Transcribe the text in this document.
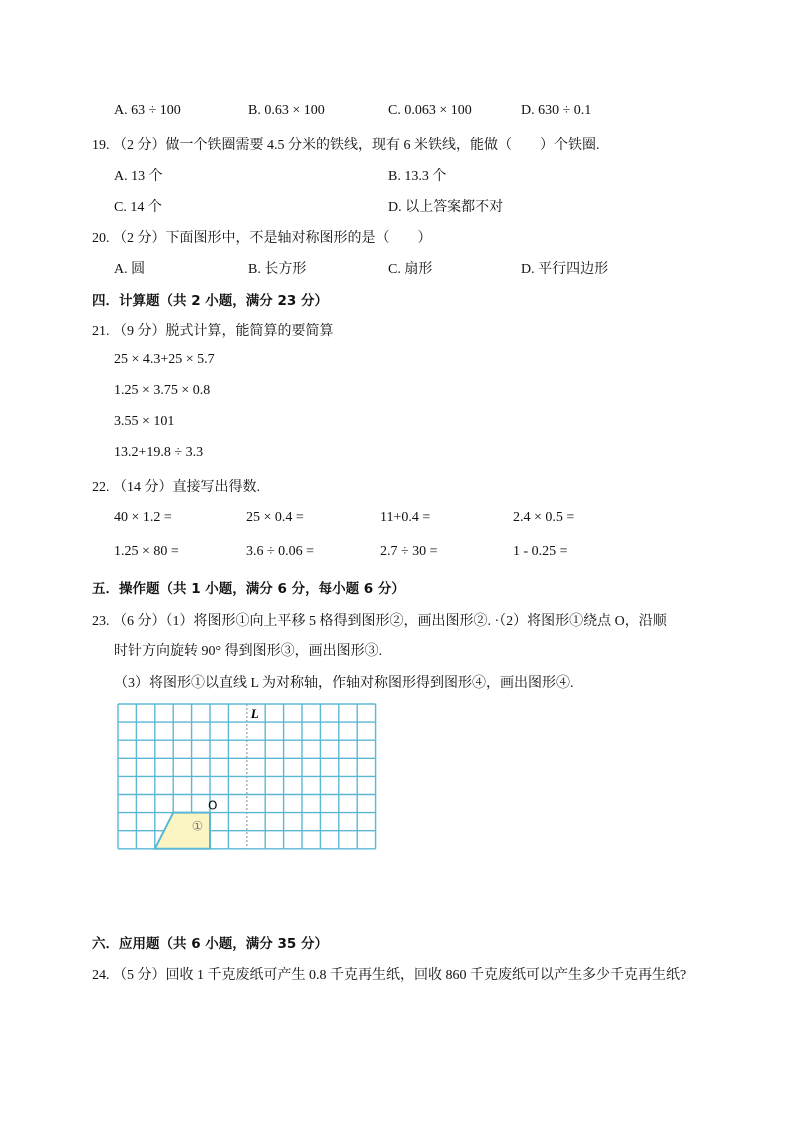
A. 63 ÷ 100	B. 0.63 × 100	C. 0.063 × 100	D. 630 ÷ 0.1
19. （2 分）做一个铁圈需要 4.5 分米的铁线，现有 6 米铁线，能做（　　）个铁圈.
A. 13 个	B. 13.3 个
C. 14 个	D. 以上答案都不对
20. （2 分）下面图形中，不是轴对称图形的是（　　）
A. 圆	B. 长方形	C. 扇形	D. 平行四边形
四．计算题（共 2 小题，满分 23 分）
21. （9 分）脱式计算，能简算的要简算
25 × 4.3+25 × 5.7
1.25 × 3.75 × 0.8
3.55 × 101
13.2+19.8 ÷ 3.3
22. （14 分）直接写出得数.
40 × 1.2 =	25 × 0.4 =	11+0.4 =	2.4 × 0.5 =
1.25 × 80 =	3.6 ÷ 0.06 =	2.7 ÷ 30 =	1 - 0.25 =
五．操作题（共 1 小题，满分 6 分，每小题 6 分）
23. （6 分）（1）将图形①向上平移 5 格得到图形②，画出图形②. ·（2）将图形①绕点 O，沿顺
时针方向旋转 90° 得到图形③，画出图形③.
（3）将图形①以直线 L 为对称轴，作轴对称图形得到图形④，画出图形④.
L
O
①
六．应用题（共 6 小题，满分 35 分）
24. （5 分）回收 1 千克废纸可产生 0.8 千克再生纸，回收 860 千克废纸可以产生多少千克再生纸?
